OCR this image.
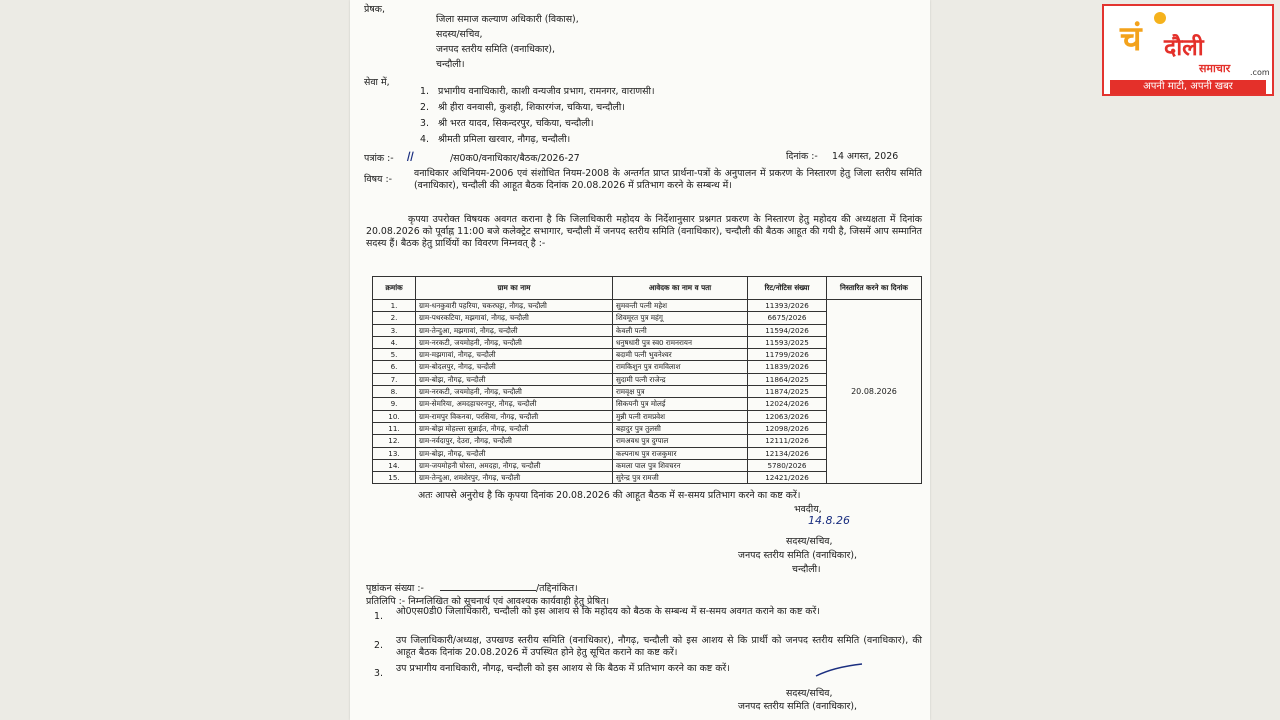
प्रेषक,
जिला समाज कल्याण अधिकारी (विकास),
सदस्य/सचिव,
जनपद स्तरीय समिति (वनाधिकार),
चन्दौली।
सेवा में,
1. प्रभागीय वनाधिकारी, काशी वन्यजीव प्रभाग, रामनगर, वाराणसी।
2. श्री हीरा वनवासी, कुशही, शिकारगंज, चकिया, चन्दौली।
3. श्री भरत यादव, सिकन्दरपुर, चकिया, चन्दौली।
4. श्रीमती प्रमिला खरवार, नौगढ़, चन्दौली।
पत्रांक :- ॥	/स0क0/वनाधिकार/बैठक/2026-27	दिनांक :- 14 अगस्त, 2026
विषय :-
वनाधिकार अधिनियम-2006 एवं संशोधित नियम-2008 के अन्तर्गत प्राप्त प्रार्थना-पत्रों के अनुपालन में प्रकरण के निस्तारण हेतु जिला स्तरीय समिति (वनाधिकार), चन्दौली की आहूत बैठक दिनांक 20.08.2026 में प्रतिभाग करने के सम्बन्ध में।
कृपया उपरोक्त विषयक अवगत कराना है कि जिलाधिकारी महोदय के निर्देशानुसार प्रश्नगत प्रकरण के निस्तारण हेतु महोदय की अध्यक्षता में दिनांक 20.08.2026 को पूर्वाह्न 11:00 बजे कलेक्ट्रेट सभागार, चन्दौली में जनपद स्तरीय समिति (वनाधिकार), चन्दौली की बैठक आहूत की गयी है, जिसमें आप सम्मानित सदस्य हैं। बैठक हेतु प्रार्थियों का विवरण निम्नवत् है :-
क्रमांक	ग्राम का नाम	आवेदक का नाम व पता	रिट/नोटिस संख्या	निस्तारित करने का दिनांक
1.	ग्राम-धनकुवारी पहरिया, चकरघट्टा, नौगढ़, चन्दौली	सुमवन्ती पत्नी महेश	11393/2026	20.08.2026
2.	ग्राम-पथरकटिया, मझगावां, नौगढ़, चन्दौली	शिवमूरत पुत्र महंगू	6675/2026	
3.	ग्राम-तेन्दुआ, मझगावां, नौगढ़, चन्दौली	केवली पत्नी	11594/2026	
4.	ग्राम-नरकटी, जयमोहनी, नौगढ़, चन्दौली	धनुषधारी पुत्र स्व0 रामनरायन	11593/2025	
5.	ग्राम-मझगावां, नौगढ़, चन्दौली	बदामी पत्नी भुवनेश्वर	11799/2026	
6.	ग्राम-बोदलपुर, नौगढ़, चन्दौली	रामकिशुन पुत्र रामविलाश	11839/2026	
7.	ग्राम-बोझ, नौगढ़, चन्दौली	सुदामी पत्नी राजेन्द्र	11864/2025	
8.	ग्राम-नरकटी, जयमोहनी, नौगढ़, चन्दौली	रामवृक्ष पुत्र	11874/2025	
9.	ग्राम-सेमरिया, अमदहाचरनपुर, नौगढ़, चन्दौली	सिकयनी पुत्र मोलई	12024/2026	
10.	ग्राम-रामपुर विकनवा, परसिया, नौगढ़, चन्दौली	मुन्नी पत्नी रामप्रवेश	12063/2026	
11.	ग्राम-बोझ मोहल्ला सुन्नाईत, नौगढ़, चन्दौली	बहादुर पुत्र तुलसी	12098/2026	
12.	ग्राम-नर्वदापुर, देउरा, नौगढ़, चन्दौली	रामअवध पुत्र दुग्पाल	12111/2026	
13.	ग्राम-बोझ, नौगढ़, चन्दौली	कल्पनाथ पुत्र राजकुमार	12134/2026	
14.	ग्राम-जयमोहनी घोस्ता, अमदहा, नौगढ़, चन्दौली	कमला पाल पुत्र शिवचरन	5780/2026	
15.	ग्राम-तेन्दुआ, शमशेरपुर, नौगढ़, चन्दौली	सुरेन्द्र पुत्र रामजी	12421/2026	
अतः आपसे अनुरोध है कि कृपया दिनांक 20.08.2026 की आहूत बैठक में स-समय प्रतिभाग करने का कष्ट करें।
भवदीय,
14.8.26
सदस्य/सचिव,
जनपद स्तरीय समिति (वनाधिकार),
चन्दौली।
पृष्ठांकन संख्या :-	/तद्दिनांकित।
प्रतिलिपि :- निम्नलिखित को सूचनार्थ एवं आवश्यक कार्यवाही हेतु प्रेषित।
1. ओ0एस0डी0 जिलाधिकारी, चन्दौली को इस आशय से कि महोदय को बैठक के सम्बन्ध में स-समय अवगत कराने का कष्ट करें।
2. उप जिलाधिकारी/अध्यक्ष, उपखण्ड स्तरीय समिति (वनाधिकार), नौगढ़, चन्दौली को इस आशय से कि प्रार्थी को जनपद स्तरीय समिति (वनाधिकार), की आहूत बैठक दिनांक 20.08.2026 में उपस्थित होने हेतु सूचित कराने का कष्ट करें।
3. उप प्रभागीय वनाधिकारी, नौगढ़, चन्दौली को इस आशय से कि बैठक में प्रतिभाग करने का कष्ट करें।
सदस्य/सचिव,
जनपद स्तरीय समिति (वनाधिकार),
चं दौली
समाचार .com
अपनी माटी, अपनी खबर
